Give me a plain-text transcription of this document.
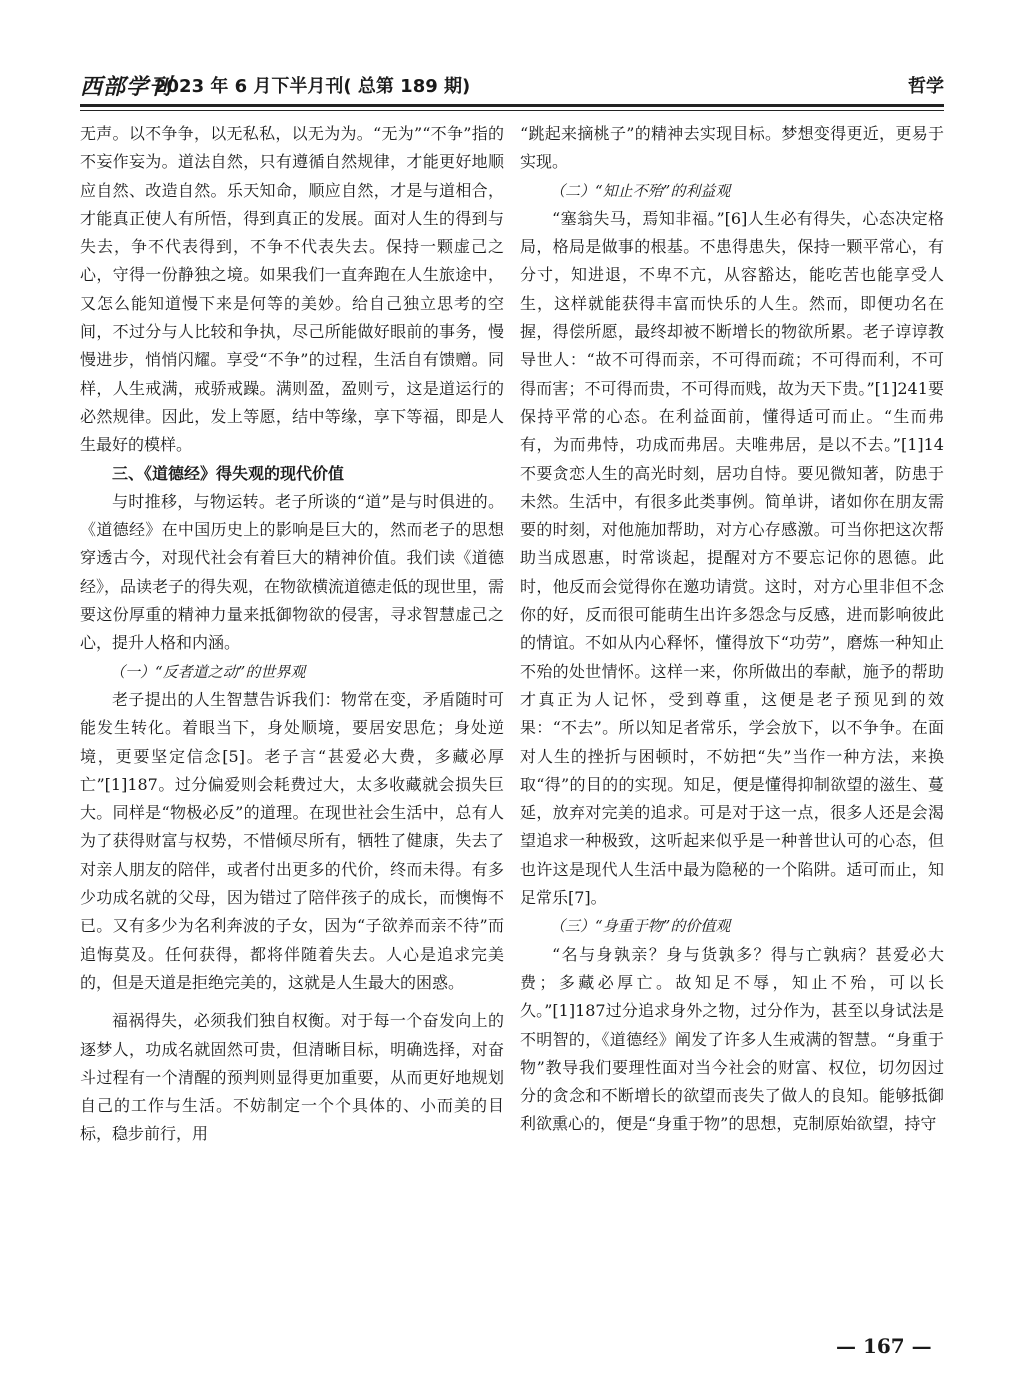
西部学刊
2023 年 6 月下半月刊( 总第 189 期)	哲学

无声。以不争争，以无私私，以无为为。“无为”“不争”指的不妄作妄为。道法自然，只有遵循自然规律，才能更好地顺应自然、改造自然。乐天知命，顺应自然，才是与道相合，才能真正使人有所悟，得到真正的发展。面对人生的得到与失去，争不代表得到，不争不代表失去。保持一颗虚己之心，守得一份静独之境。如果我们一直奔跑在人生旅途中，又怎么能知道慢下来是何等的美妙。给自己独立思考的空间，不过分与人比较和争执，尽己所能做好眼前的事务，慢慢进步，悄悄闪耀。享受“不争”的过程，生活自有馈赠。同样，人生戒满，戒骄戒躁。满则盈，盈则亏，这是道运行的必然规律。因此，发上等愿，结中等缘，享下等福，即是人生最好的模样。

三、《道德经》得失观的现代价值

与时推移，与物运转。老子所谈的“道”是与时俱进的。《道德经》在中国历史上的影响是巨大的，然而老子的思想穿透古今，对现代社会有着巨大的精神价值。我们读《道德经》，品读老子的得失观，在物欲横流道德走低的现世里，需要这份厚重的精神力量来抵御物欲的侵害，寻求智慧虚己之心，提升人格和内涵。

（一）“反者道之动”的世界观

老子提出的人生智慧告诉我们：物常在变，矛盾随时可能发生转化。着眼当下，身处顺境，要居安思危；身处逆境，更要坚定信念[5]。老子言“甚爱必大费，多藏必厚亡”[1]187。过分偏爱则会耗费过大，太多收藏就会损失巨大。同样是“物极必反”的道理。在现世社会生活中，总有人为了获得财富与权势，不惜倾尽所有，牺牲了健康，失去了对亲人朋友的陪伴，或者付出更多的代价，终而未得。有多少功成名就的父母，因为错过了陪伴孩子的成长，而懊悔不已。又有多少为名利奔波的子女，因为“子欲养而亲不待”而追悔莫及。任何获得，都将伴随着失去。人心是追求完美的，但是天道是拒绝完美的，这就是人生最大的困惑。

福祸得失，必须我们独自权衡。对于每一个奋发向上的逐梦人，功成名就固然可贵，但清晰目标，明确选择，对奋斗过程有一个清醒的预判则显得更加重要，从而更好地规划自己的工作与生活。不妨制定一个个具体的、小而美的目标，稳步前行，用

“跳起来摘桃子”的精神去实现目标。梦想变得更近，更易于实现。

（二）“知止不殆”的利益观

“塞翁失马，焉知非福。”[6]人生必有得失，心态决定格局，格局是做事的根基。不患得患失，保持一颗平常心，有分寸，知进退，不卑不亢，从容豁达，能吃苦也能享受人生，这样就能获得丰富而快乐的人生。然而，即便功名在握，得偿所愿，最终却被不断增长的物欲所累。老子谆谆教导世人：“故不可得而亲，不可得而疏；不可得而利，不可得而害；不可得而贵，不可得而贱，故为天下贵。”[1]241要保持平常的心态。在利益面前，懂得适可而止。“生而弗有，为而弗恃，功成而弗居。夫唯弗居，是以不去。”[1]14不要贪恋人生的高光时刻，居功自恃。要见微知著，防患于未然。生活中，有很多此类事例。简单讲，诸如你在朋友需要的时刻，对他施加帮助，对方心存感激。可当你把这次帮助当成恩惠，时常谈起，提醒对方不要忘记你的恩德。此时，他反而会觉得你在邀功请赏。这时，对方心里非但不念你的好，反而很可能萌生出许多怨念与反感，进而影响彼此的情谊。不如从内心释怀，懂得放下“功劳”，磨炼一种知止不殆的处世情怀。这样一来，你所做出的奉献，施予的帮助才真正为人记怀，受到尊重，这便是老子预见到的效果：“不去”。所以知足者常乐，学会放下，以不争争。在面对人生的挫折与困顿时，不妨把“失”当作一种方法，来换取“得”的目的的实现。知足，便是懂得抑制欲望的滋生、蔓延，放弃对完美的追求。可是对于这一点，很多人还是会渴望追求一种极致，这听起来似乎是一种普世认可的心态，但也许这是现代人生活中最为隐秘的一个陷阱。适可而止，知足常乐[7]。

（三）“身重于物”的价值观

“名与身孰亲？身与货孰多？得与亡孰病？甚爱必大费；多藏必厚亡。故知足不辱，知止不殆，可以长久。”[1]187过分追求身外之物，过分作为，甚至以身试法是不明智的，《道德经》阐发了许多人生戒满的智慧。“身重于物”教导我们要理性面对当今社会的财富、权位，切勿因过分的贪念和不断增长的欲望而丧失了做人的良知。能够抵御利欲熏心的，便是“身重于物”的思想，克制原始欲望，持守

— 167 —
